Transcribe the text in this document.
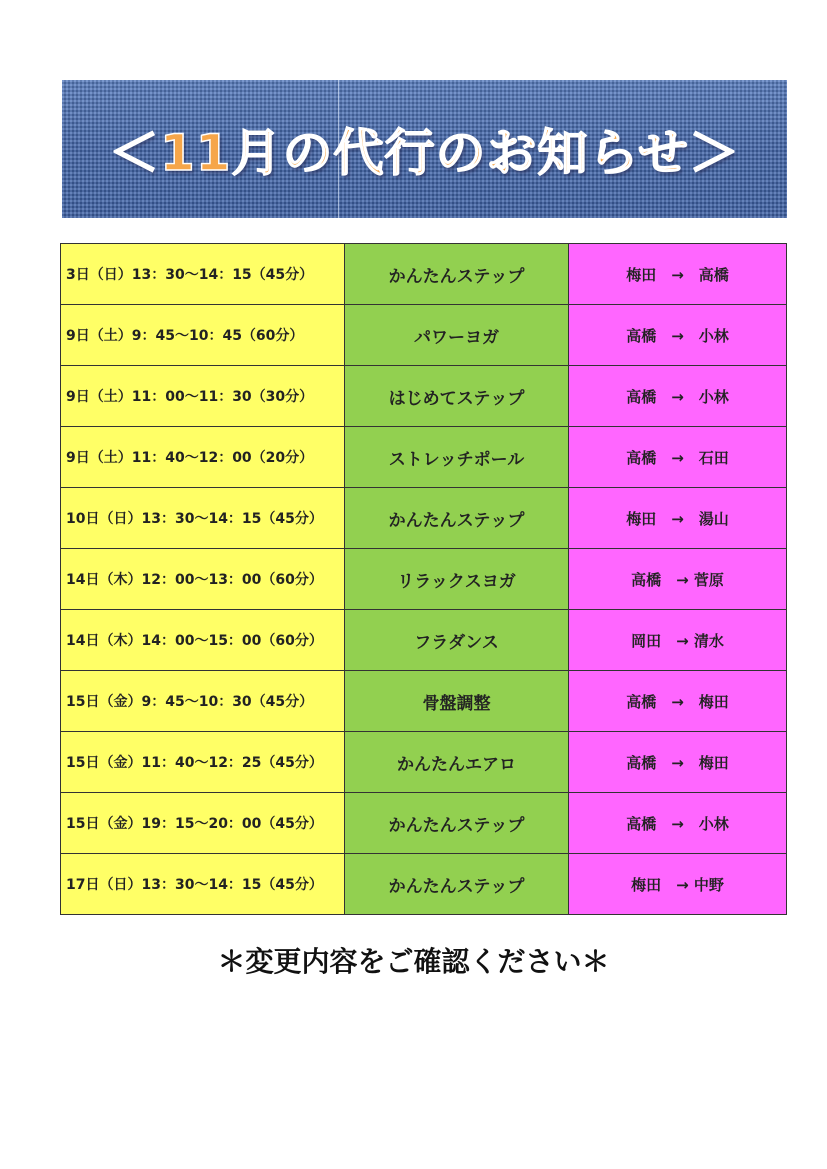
＜11月の代行のお知らせ＞
3日（日）13：30〜14：15（45分）	かんたんステップ	梅田　→　高橋
9日（土）9：45〜10：45（60分）	パワーヨガ	高橋　→　小林
9日（土）11：00〜11：30（30分）	はじめてステップ	高橋　→　小林
9日（土）11：40〜12：00（20分）	ストレッチポール	高橋　→　石田
10日（日）13：30〜14：15（45分）	かんたんステップ	梅田　→　湯山
14日（木）12：00〜13：00（60分）	リラックスヨガ	高橋　→ 菅原
14日（木）14：00〜15：00（60分）	フラダンス	岡田　→ 清水
15日（金）9：45〜10：30（45分）	骨盤調整	高橋　→　梅田
15日（金）11：40〜12：25（45分）	かんたんエアロ	高橋　→　梅田
15日（金）19：15〜20：00（45分）	かんたんステップ	高橋　→　小林
17日（日）13：30〜14：15（45分）	かんたんステップ	梅田　→ 中野
＊変更内容をご確認ください＊
